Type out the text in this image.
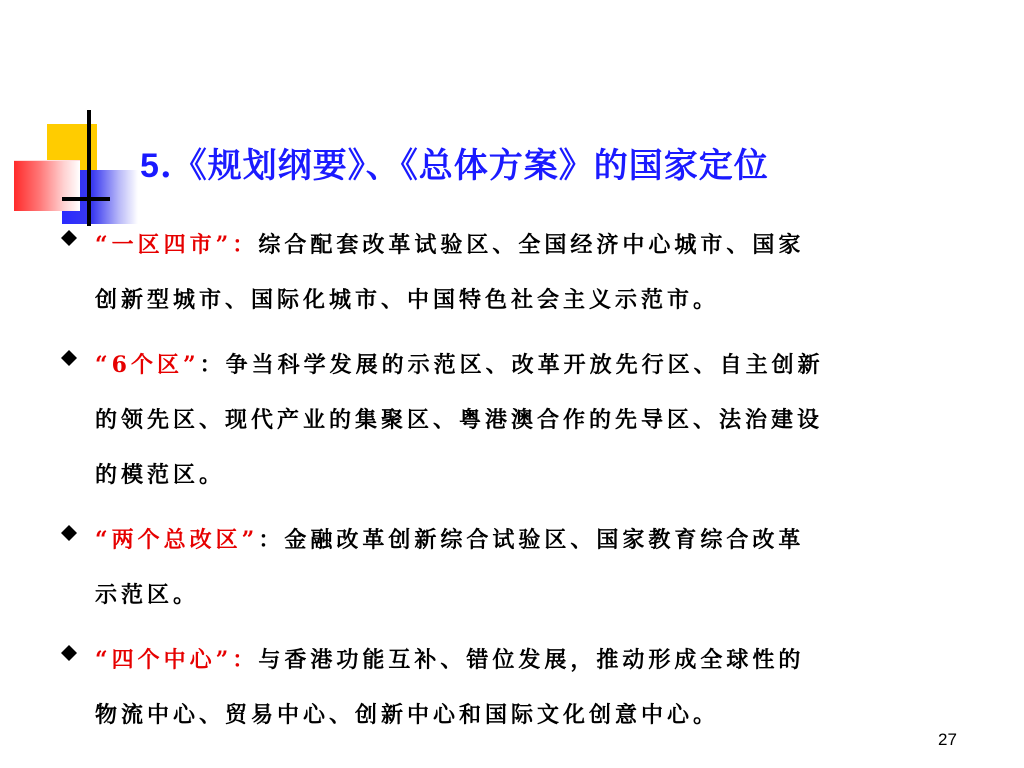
5.《规划纲要》、《总体方案》的国家定位
“一区四市”：综合配套改革试验区、全国经济中心城市、国家
创新型城市、国际化城市、中国特色社会主义示范市。
“6个区”：争当科学发展的示范区、改革开放先行区、自主创新
的领先区、现代产业的集聚区、粤港澳合作的先导区、法治建设
的模范区。
“两个总改区”：金融改革创新综合试验区、国家教育综合改革
示范区。
“四个中心”：与香港功能互补、错位发展，推动形成全球性的
物流中心、贸易中心、创新中心和国际文化创意中心。
27
